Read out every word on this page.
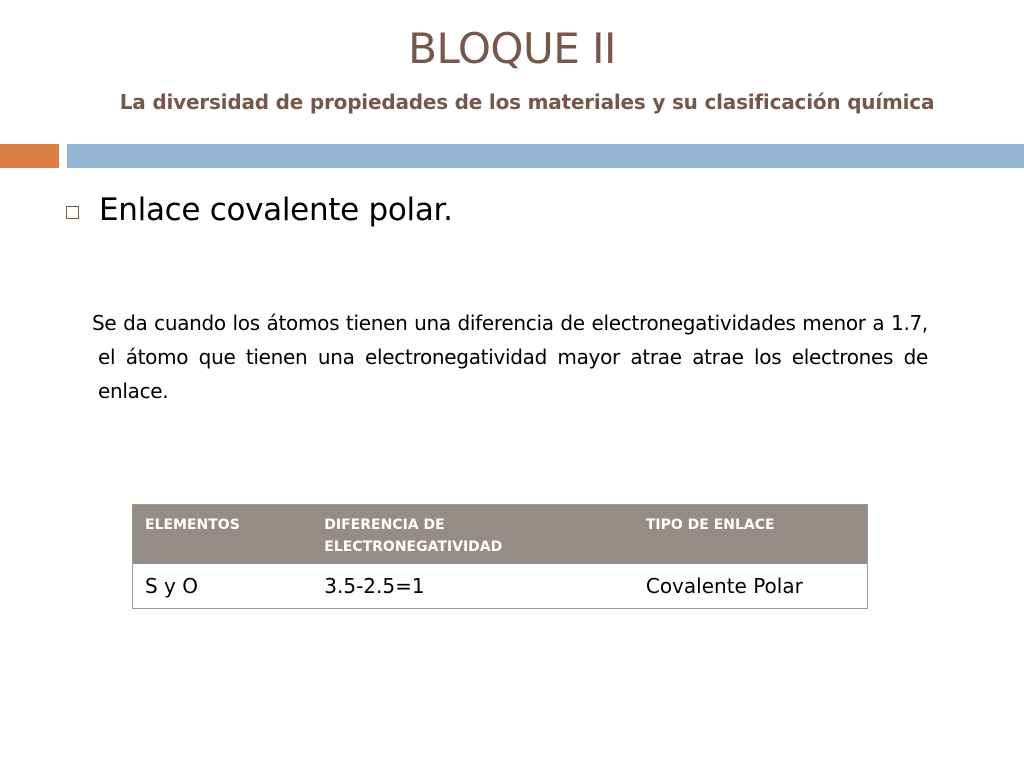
BLOQUE II
La diversidad de propiedades de los materiales y su clasificación química
Enlace covalente polar.
Se da cuando los átomos tienen una diferencia de electronegatividades menor a 1.7, el átomo que tienen una electronegatividad mayor atrae atrae los electrones de enlace.
ELEMENTOS	DIFERENCIA DE ELECTRONEGATIVIDAD	TIPO DE ENLACE
S y O	3.5-2.5=1	Covalente Polar
